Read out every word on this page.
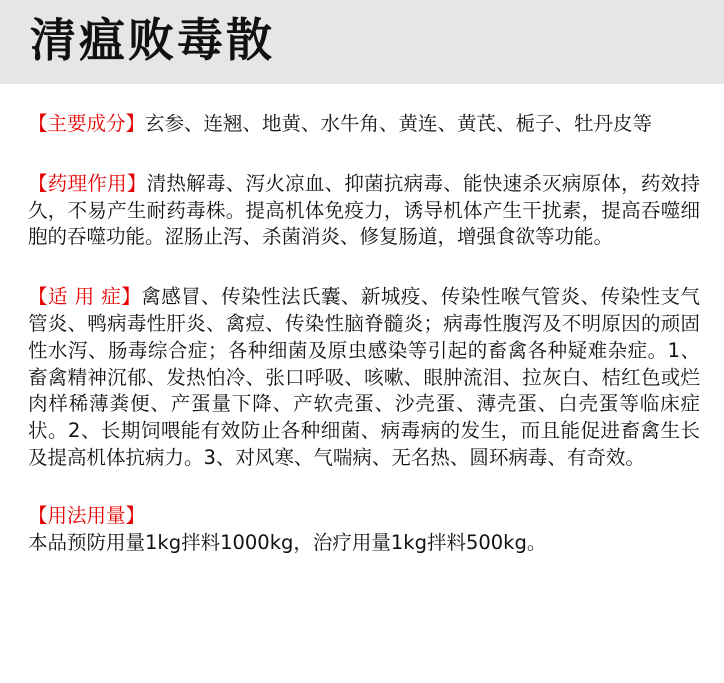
清瘟败毒散
【主要成分】玄参、连翘、地黄、水牛角、黄连、黄芪、栀子、牡丹皮等
【药理作用】清热解毒、泻火凉血、抑菌抗病毒、能快速杀灭病原体，药效持久，不易产生耐药毒株。提高机体免疫力，诱导机体产生干扰素，提高吞噬细胞的吞噬功能。涩肠止泻、杀菌消炎、修复肠道，增强食欲等功能。
【适 用 症】禽感冒、传染性法氏囊、新城疫、传染性喉气管炎、传染性支气管炎、鸭病毒性肝炎、禽痘、传染性脑脊髓炎；病毒性腹泻及不明原因的顽固性水泻、肠毒综合症；各种细菌及原虫感染等引起的畜禽各种疑难杂症。1、畜禽精神沉郁、发热怕冷、张口呼吸、咳嗽、眼肿流泪、拉灰白、桔红色或烂肉样稀薄粪便、产蛋量下降、产软壳蛋、沙壳蛋、薄壳蛋、白壳蛋等临床症状。2、长期饲喂能有效防止各种细菌、病毒病的发生，而且能促进畜禽生长及提高机体抗病力。3、对风寒、气喘病、无名热、圆环病毒、有奇效。
【用法用量】
本品预防用量1kg拌料1000kg，治疗用量1kg拌料500kg。
